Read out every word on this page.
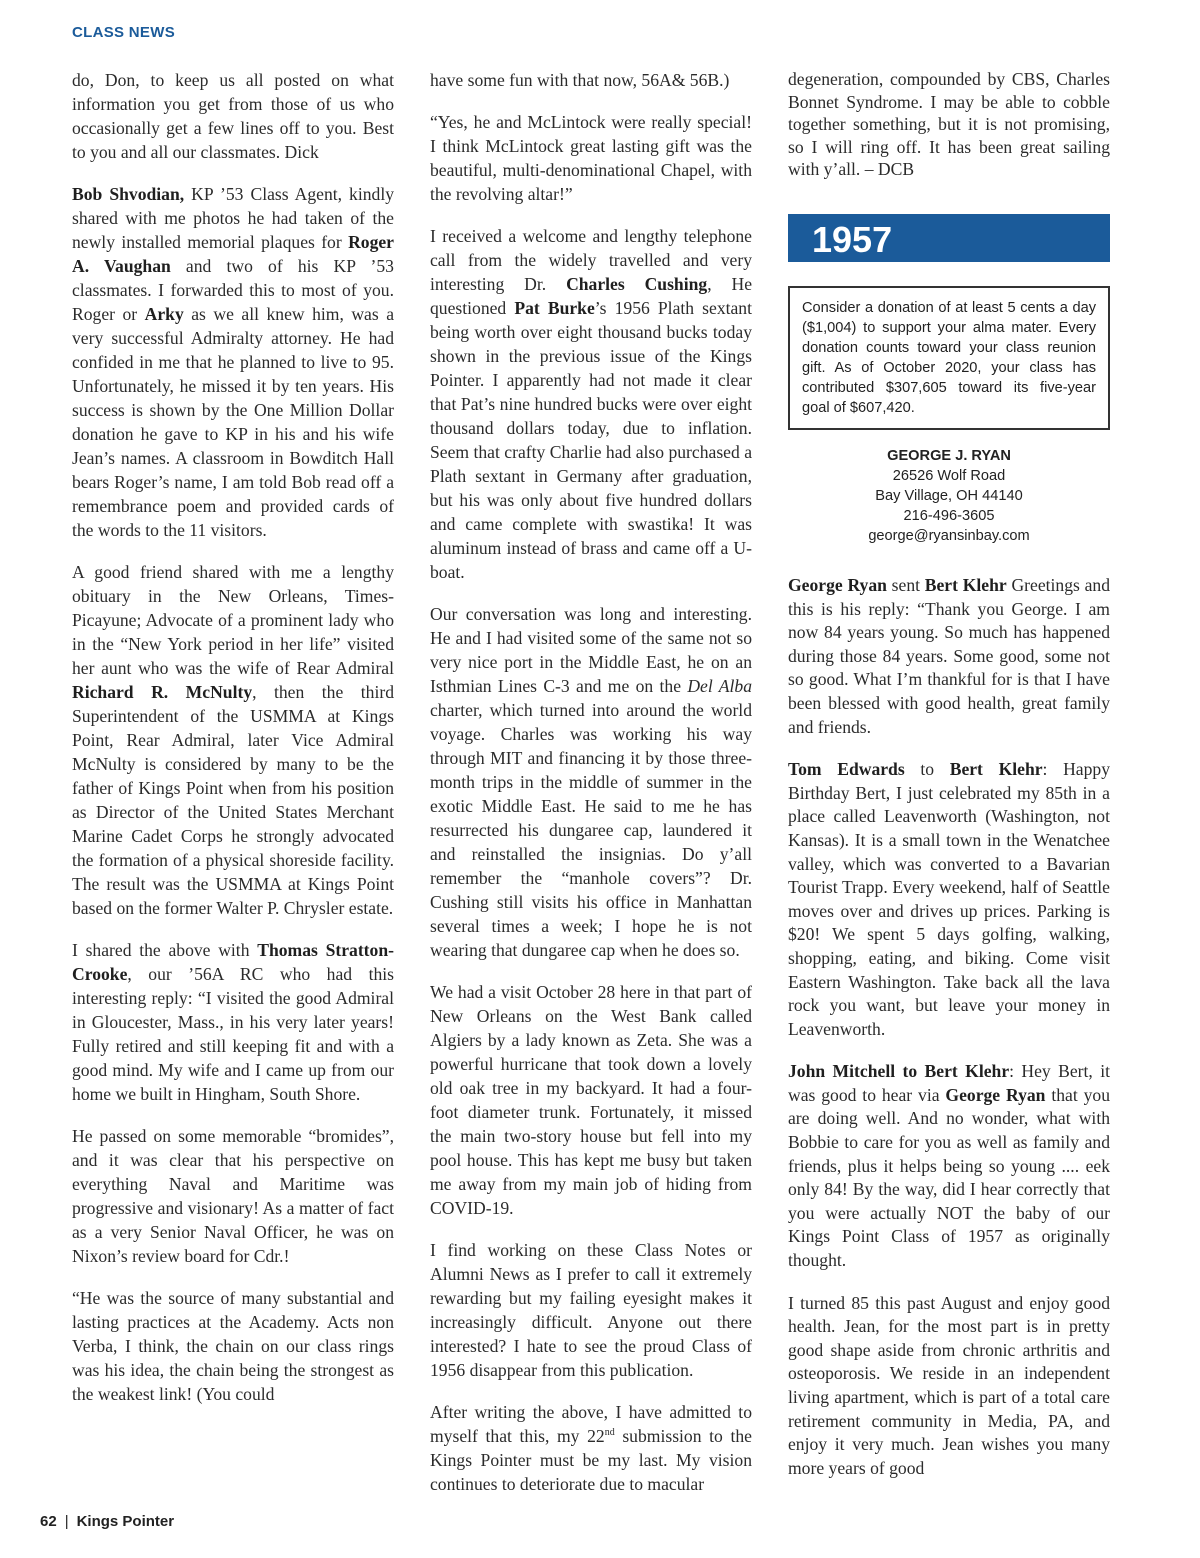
CLASS NEWS

do, Don, to keep us all posted on what information you get from those of us who occasionally get a few lines off to you. Best to you and all our classmates. Dick

Bob Shvodian, KP ’53 Class Agent, kindly shared with me photos he had taken of the newly installed memorial plaques for Roger A. Vaughan and two of his KP ’53 classmates. I forwarded this to most of you. Roger or Arky as we all knew him, was a very successful Admiralty attorney. He had confided in me that he planned to live to 95. Unfortunately, he missed it by ten years. His success is shown by the One Million Dollar donation he gave to KP in his and his wife Jean’s names. A classroom in Bowditch Hall bears Roger’s name, I am told Bob read off a remembrance poem and provided cards of the words to the 11 visitors.

A good friend shared with me a lengthy obituary in the New Orleans, Times-Picayune; Advocate of a prominent lady who in the “New York period in her life” visited her aunt who was the wife of Rear Admiral Richard R. McNulty, then the third Superintendent of the USMMA at Kings Point, Rear Admiral, later Vice Admiral McNulty is considered by many to be the father of Kings Point when from his position as Director of the United States Merchant Marine Cadet Corps he strongly advocated the formation of a physical shoreside facility. The result was the USMMA at Kings Point based on the former Walter P. Chrysler estate.

I shared the above with Thomas Stratton-Crooke, our ’56A RC who had this interesting reply: “I visited the good Admiral in Gloucester, Mass., in his very later years! Fully retired and still keeping fit and with a good mind. My wife and I came up from our home we built in Hingham, South Shore.

He passed on some memorable “bromides”, and it was clear that his perspective on everything Naval and Maritime was progressive and visionary! As a matter of fact as a very Senior Naval Officer, he was on Nixon’s review board for Cdr.!

“He was the source of many substantial and lasting practices at the Academy. Acts non Verba, I think, the chain on our class rings was his idea, the chain being the strongest as the weakest link! (You could

have some fun with that now, 56A& 56B.)

“Yes, he and McLintock were really special! I think McLintock great lasting gift was the beautiful, multi-denominational Chapel, with the revolving altar!”

I received a welcome and lengthy telephone call from the widely travelled and very interesting Dr. Charles Cushing, He questioned Pat Burke’s 1956 Plath sextant being worth over eight thousand bucks today shown in the previous issue of the Kings Pointer. I apparently had not made it clear that Pat’s nine hundred bucks were over eight thousand dollars today, due to inflation. Seem that crafty Charlie had also purchased a Plath sextant in Germany after graduation, but his was only about five hundred dollars and came complete with swastika! It was aluminum instead of brass and came off a U-boat.

Our conversation was long and interesting. He and I had visited some of the same not so very nice port in the Middle East, he on an Isthmian Lines C-3 and me on the Del Alba charter, which turned into around the world voyage. Charles was working his way through MIT and financing it by those three-month trips in the middle of summer in the exotic Middle East. He said to me he has resurrected his dungaree cap, laundered it and reinstalled the insignias. Do y’all remember the “manhole covers”? Dr. Cushing still visits his office in Manhattan several times a week; I hope he is not wearing that dungaree cap when he does so.

We had a visit October 28 here in that part of New Orleans on the West Bank called Algiers by a lady known as Zeta. She was a powerful hurricane that took down a lovely old oak tree in my backyard. It had a four-foot diameter trunk. Fortunately, it missed the main two-story house but fell into my pool house. This has kept me busy but taken me away from my main job of hiding from COVID-19.

I find working on these Class Notes or Alumni News as I prefer to call it extremely rewarding but my failing eyesight makes it increasingly difficult. Anyone out there interested? I hate to see the proud Class of 1956 disappear from this publication.

After writing the above, I have admitted to myself that this, my 22nd submission to the Kings Pointer must be my last. My vision continues to deteriorate due to macular

degeneration, compounded by CBS, Charles Bonnet Syndrome. I may be able to cobble together something, but it is not promising, so I will ring off. It has been great sailing with y’all. – DCB

1957
Consider a donation of at least 5 cents a day ($1,004) to support your alma mater. Every donation counts toward your class reunion gift. As of October 2020, your class has contributed $307,605 toward its five-year goal of $607,420.
GEORGE J. RYAN
26526 Wolf Road
Bay Village, OH 44140
216-496-3605
george@ryansinbay.com

George Ryan sent Bert Klehr Greetings and this is his reply: “Thank you George. I am now 84 years young. So much has happened during those 84 years. Some good, some not so good. What I’m thankful for is that I have been blessed with good health, great family and friends.

Tom Edwards to Bert Klehr: Happy Birthday Bert, I just celebrated my 85th in a place called Leavenworth (Washington, not Kansas). It is a small town in the Wenatchee valley, which was converted to a Bavarian Tourist Trapp. Every weekend, half of Seattle moves over and drives up prices. Parking is $20! We spent 5 days golfing, walking, shopping, eating, and biking. Come visit Eastern Washington. Take back all the lava rock you want, but leave your money in Leavenworth.

John Mitchell to Bert Klehr: Hey Bert, it was good to hear via George Ryan that you are doing well. And no wonder, what with Bobbie to care for you as well as family and friends, plus it helps being so young .... eek only 84! By the way, did I hear correctly that you were actually NOT the baby of our Kings Point Class of 1957 as originally thought.

I turned 85 this past August and enjoy good health. Jean, for the most part is in pretty good shape aside from chronic arthritis and osteoporosis. We reside in an independent living apartment, which is part of a total care retirement community in Media, PA, and enjoy it very much. Jean wishes you many more years of good

62 | Kings Pointer
